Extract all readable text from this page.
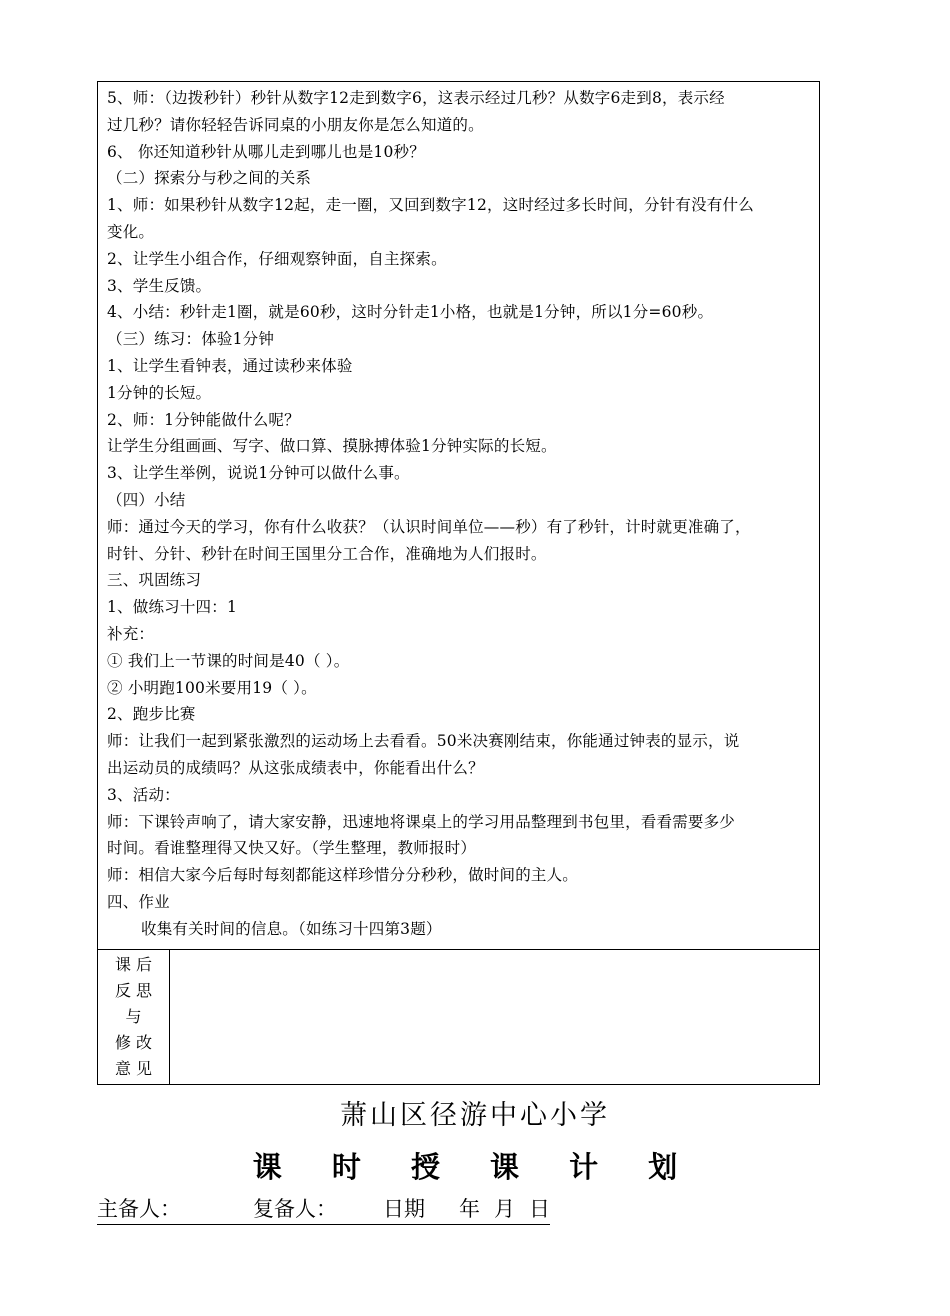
5、师：（边拨秒针）秒针从数字12走到数字6，这表示经过几秒？从数字6走到8，表示经
过几秒？请你轻轻告诉同桌的小朋友你是怎么知道的。
6、 你还知道秒针从哪儿走到哪儿也是10秒？
（二）探索分与秒之间的关系
1、师：如果秒针从数字12起，走一圈，又回到数字12，这时经过多长时间，分针有没有什么
变化。
2、让学生小组合作，仔细观察钟面，自主探索。
3、学生反馈。
4、小结：秒针走1圈，就是60秒，这时分针走1小格，也就是1分钟，所以1分=60秒。
（三）练习：体验1分钟
1、让学生看钟表，通过读秒来体验
1分钟的长短。
2、师：1分钟能做什么呢？
让学生分组画画、写字、做口算、摸脉搏体验1分钟实际的长短。
3、让学生举例，说说1分钟可以做什么事。
（四）小结
师：通过今天的学习，你有什么收获？（认识时间单位——秒）有了秒针，计时就更准确了，
时针、分针、秒针在时间王国里分工合作，准确地为人们报时。
三、巩固练习
1、做练习十四：1
补充：
① 我们上一节课的时间是40（ ）。
② 小明跑100米要用19（ ）。
2、跑步比赛
师：让我们一起到紧张激烈的运动场上去看看。50米决赛刚结束，你能通过钟表的显示，说
出运动员的成绩吗？从这张成绩表中，你能看出什么？
3、活动：
师：下课铃声响了，请大家安静，迅速地将课桌上的学习用品整理到书包里，看看需要多少
时间。看谁整理得又快又好。（学生整理，教师报时）
师：相信大家今后每时每刻都能这样珍惜分分秒秒，做时间的主人。
四、作业
收集有关时间的信息。（如练习十四第3题）
课 后
反 思
与
修 改
意 见
萧山区径游中心小学
课 时 授 课 计 划
主备人：	复备人： 日期 年 月 日
